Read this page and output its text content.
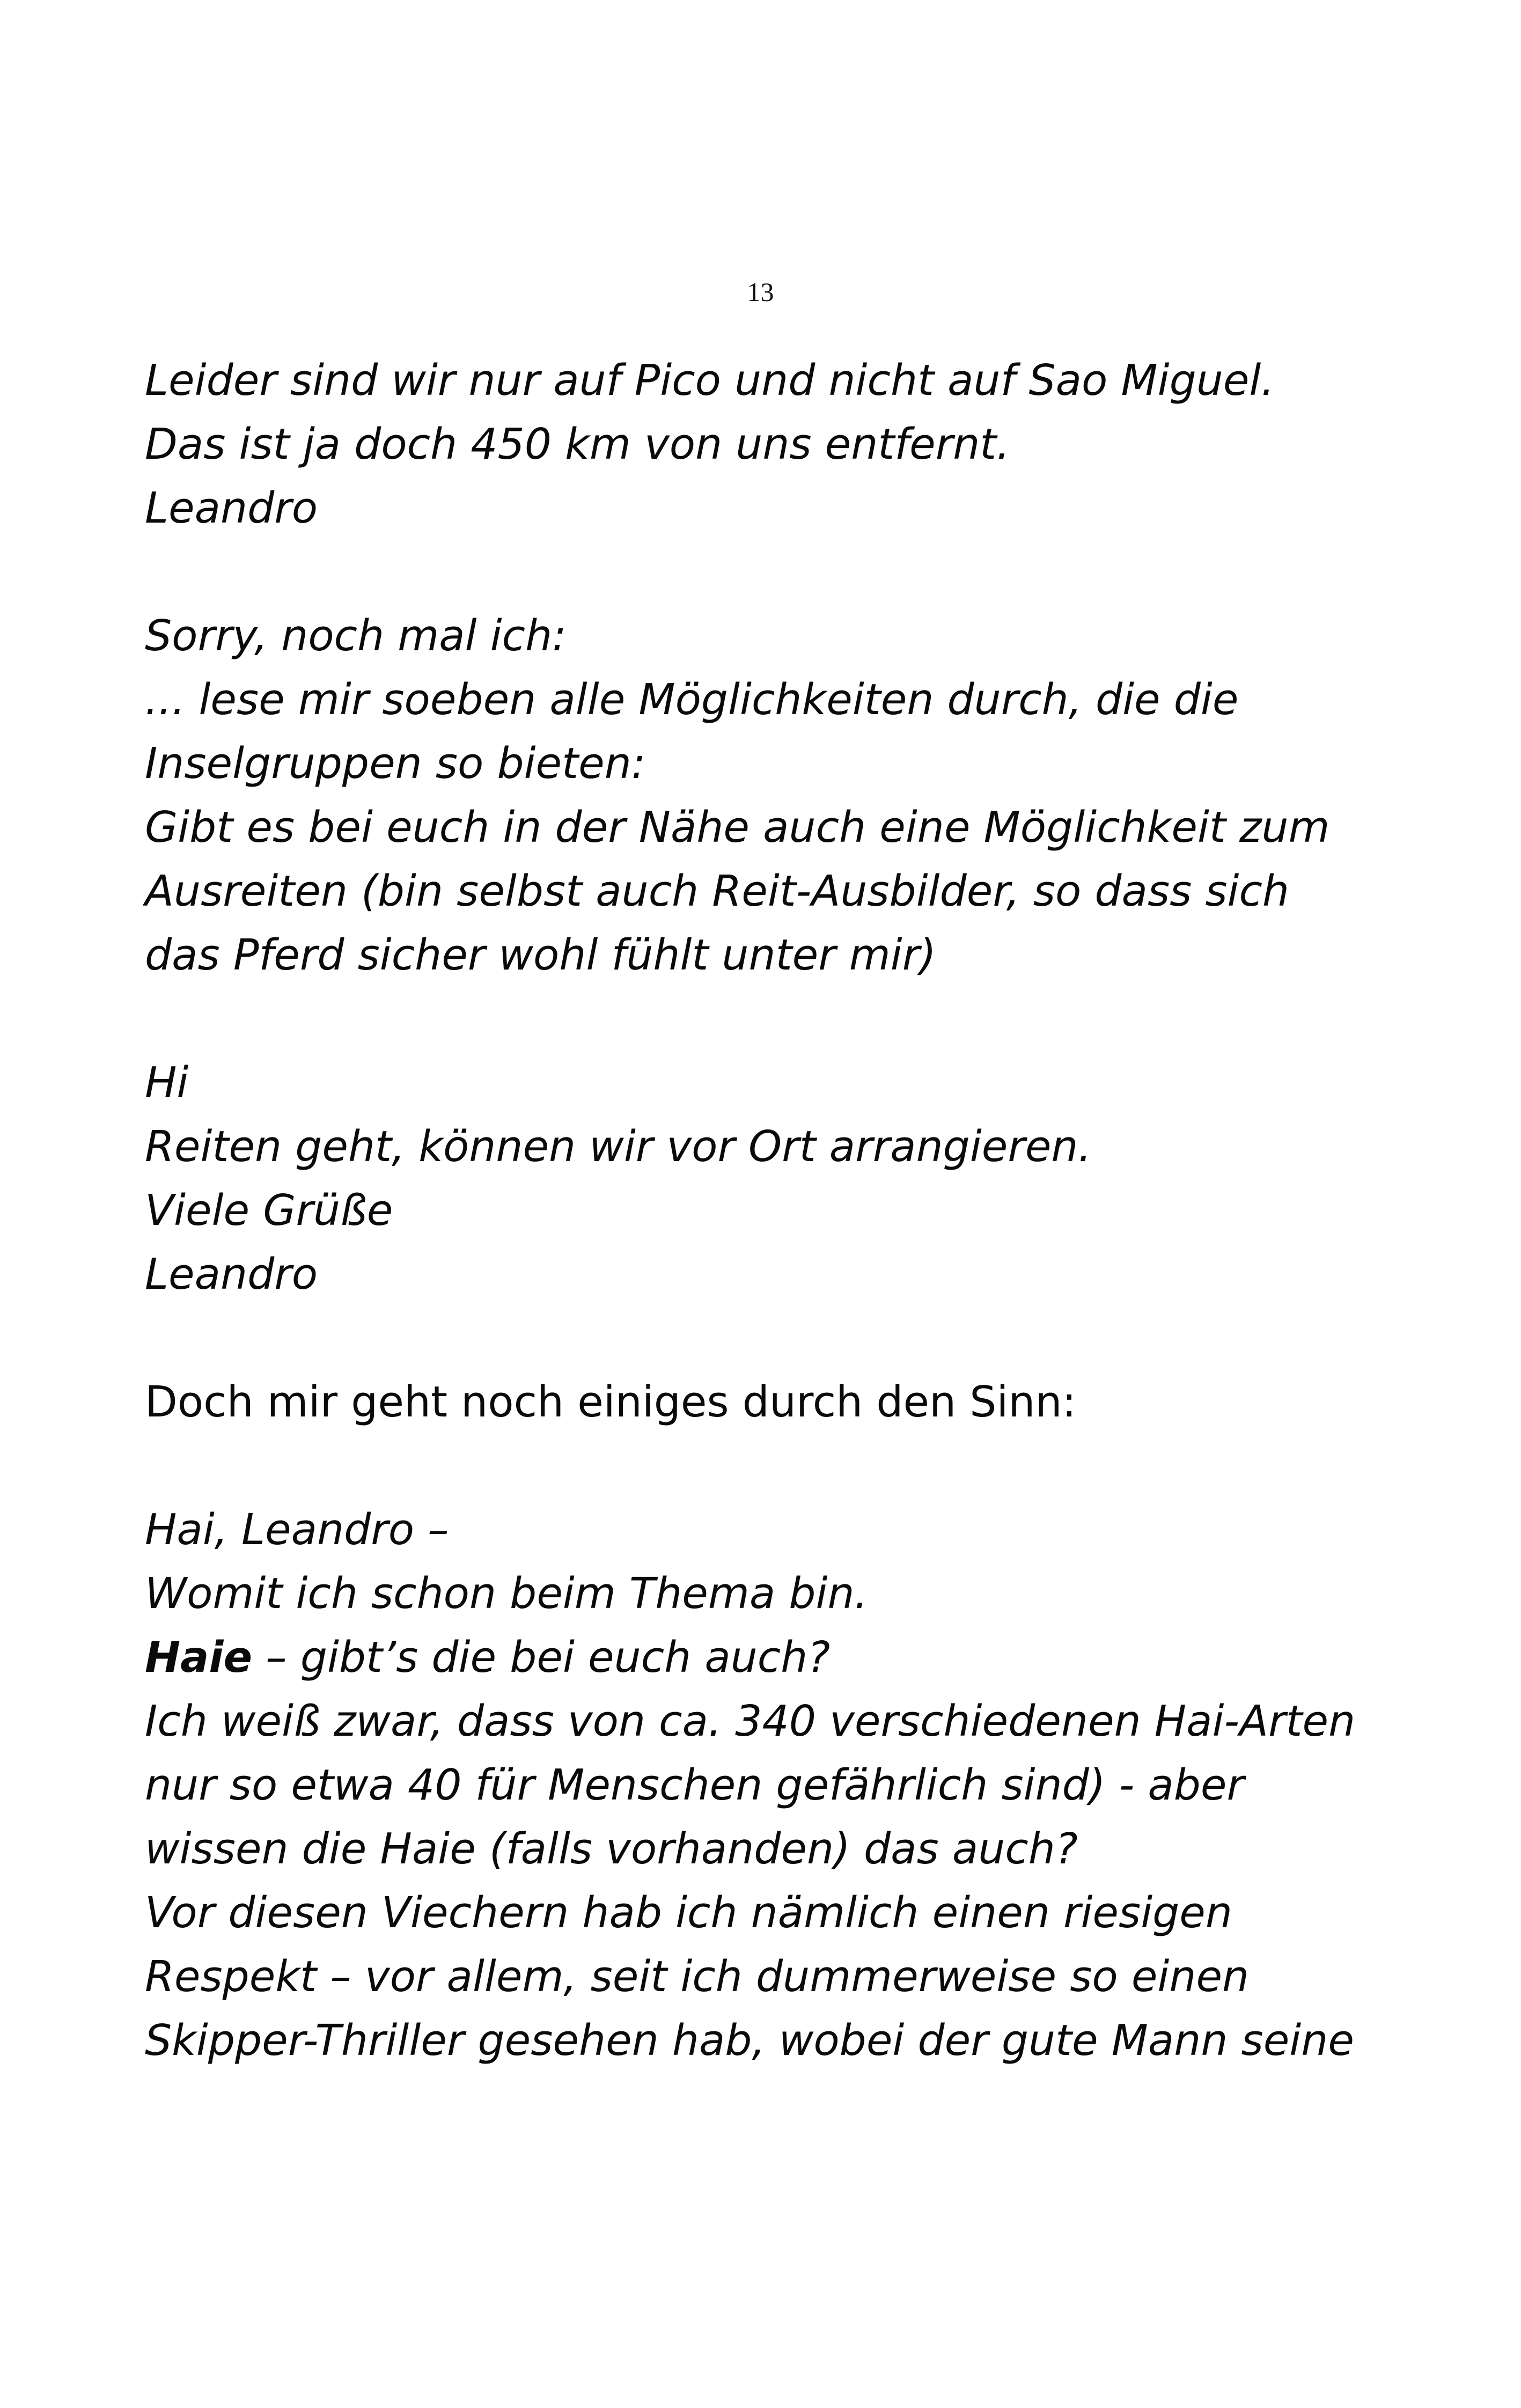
13
Leider sind wir nur auf Pico und nicht auf Sao Miguel.
Das ist ja doch 450 km von uns entfernt.
Leandro
Sorry, noch mal ich:
... lese mir soeben alle Möglichkeiten durch, die die
Inselgruppen so bieten:
Gibt es bei euch in der Nähe auch eine Möglichkeit zum
Ausreiten (bin selbst auch Reit-Ausbilder, so dass sich
das Pferd sicher wohl fühlt unter mir)
Hi
Reiten geht, können wir vor Ort arrangieren.
Viele Grüße
Leandro
Doch mir geht noch einiges durch den Sinn:
Hai, Leandro –
Womit ich schon beim Thema bin.
Haie – gibt’s die bei euch auch?
Ich weiß zwar, dass von ca. 340 verschiedenen Hai-Arten
nur so etwa 40 für Menschen gefährlich sind) - aber
wissen die Haie (falls vorhanden) das auch?
Vor diesen Viechern hab ich nämlich einen riesigen
Respekt – vor allem, seit ich dummerweise so einen
Skipper-Thriller gesehen hab, wobei der gute Mann seine
